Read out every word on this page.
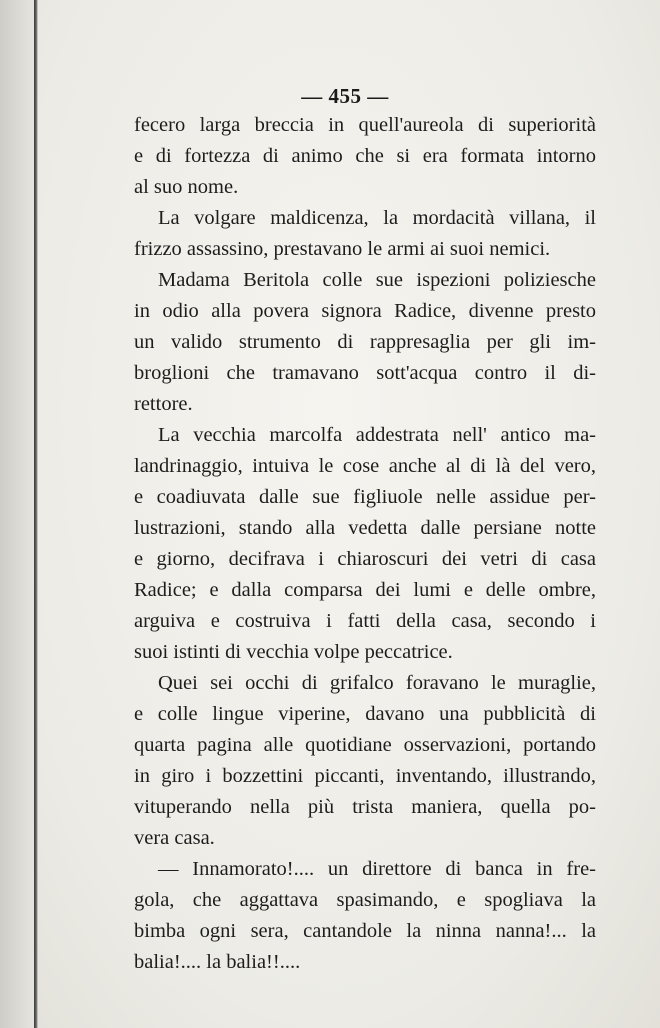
— 455 —
fecero larga breccia in quell'aureola di superiorità
e di fortezza di animo che si era formata intorno
al suo nome.
La volgare maldicenza, la mordacità villana, il
frizzo assassino, prestavano le armi ai suoi nemici.
Madama Beritola colle sue ispezioni poliziesche
in odio alla povera signora Radice, divenne presto
un valido strumento di rappresaglia per gli im-
broglioni che tramavano sott'acqua contro il di-
rettore.
La vecchia marcolfa addestrata nell' antico ma-
landrinaggio, intuiva le cose anche al di là del vero,
e coadiuvata dalle sue figliuole nelle assidue per-
lustrazioni, stando alla vedetta dalle persiane notte
e giorno, decifrava i chiaroscuri dei vetri di casa
Radice; e dalla comparsa dei lumi e delle ombre,
arguiva e costruiva i fatti della casa, secondo i
suoi istinti di vecchia volpe peccatrice.
Quei sei occhi di grifalco foravano le muraglie,
e colle lingue viperine, davano una pubblicità di
quarta pagina alle quotidiane osservazioni, portando
in giro i bozzettini piccanti, inventando, illustrando,
vituperando nella più trista maniera, quella po-
vera casa.
— Innamorato!.... un direttore di banca in fre-
gola, che aggattava spasimando, e spogliava la
bimba ogni sera, cantandole la ninna nanna!... la
balia!.... la balia!!....
